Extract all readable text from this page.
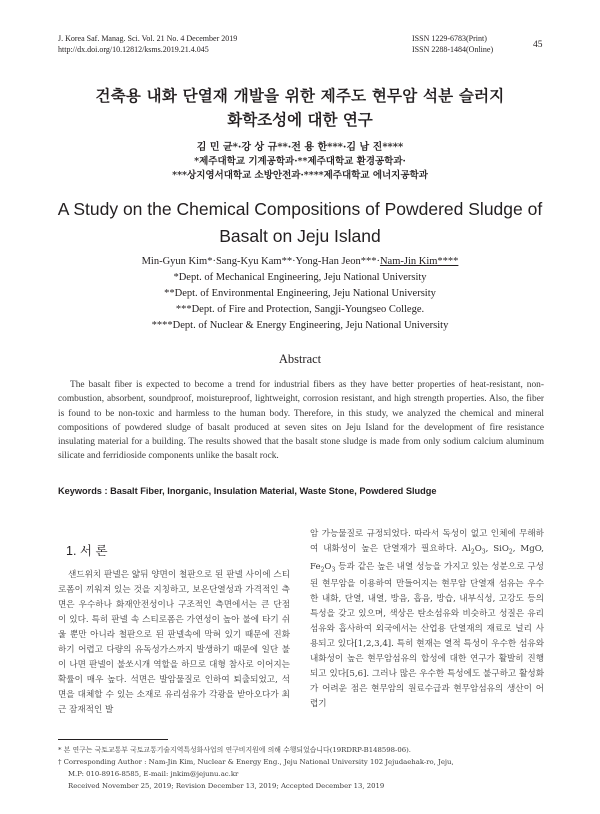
J. Korea Saf. Manag. Sci. Vol. 21 No. 4 December 2019
http://dx.doi.org/10.12812/ksms.2019.21.4.045
ISSN 1229-6783(Print)
ISSN 2288-1484(Online)	45
건축용 내화 단열재 개발을 위한 제주도 현무암 석분 슬러지
화학조성에 대한 연구
김 민 균*·강 상 규**·전 용 한***·김 남 진****
*제주대학교 기계공학과·**제주대학교 환경공학과·
***상지영서대학교 소방안전과·****제주대학교 에너지공학과
A Study on the Chemical Compositions of Powdered Sludge of
Basalt on Jeju Island
Min-Gyun Kim*·Sang-Kyu Kam**·Yong-Han Jeon***·Nam-Jin Kim****
*Dept. of Mechanical Engineering, Jeju National University
**Dept. of Environmental Engineering, Jeju National University
***Dept. of Fire and Protection, Sangji-Youngseo College.
****Dept. of Nuclear & Energy Engineering, Jeju National University
Abstract
The basalt fiber is expected to become a trend for industrial fibers as they have better properties of heat-resistant, non-combustion, absorbent, soundproof, moistureproof, lightweight, corrosion resistant, and high strength properties. Also, the fiber is found to be non-toxic and harmless to the human body. Therefore, in this study, we analyzed the chemical and mineral compositions of powdered sludge of basalt produced at seven sites on Jeju Island for the development of fire resistance insulating material for a building. The results showed that the basalt stone sludge is made from only sodium calcium aluminum silicate and ferridioside components unlike the basalt rock.
Keywords : Basalt Fiber, Inorganic, Insulation Material, Waste Stone, Powdered Sludge
1. 서 론
샌드위치 판넬은 얇뒤 양면이 철판으로 된 판넬 사이에 스티로폼이 끼워져 있는 것을 지칭하고, 보온단열성과 가격적인 측면은 우수하나 화재안전성이나 구조적인 측면에서는 큰 단점이 있다. 특히 판넬 속 스티로폼은 가연성이 높아 불에 타기 쉬울 뿐만 아니라 철판으로 된 판넬속에 막혀 있기 때문에 진화하기 어렵고 다량의 유독성가스까지 발생하기 때문에 일단 불이 나면 판넬이 불쏘시개 역할을 하므로 대형 참사로 이어지는 확률이 매우 높다. 석면은 발암물질로 인하여 퇴출되었고, 석면을 대체할 수 있는 소재로 유리섬유가 각광을 받아오다가 최근 잠재적인 발
암 가능물질로 규정되었다. 따라서 독성이 없고 인체에 무해하여 내화성이 높은 단열재가 필요하다. $Al_2O_3$, SiO$_2$, MgO, $Fe_2O_3$ 등과 같은 높은 내열 성능을 가지고 있는 성분으로 구성된 현무암을 이용하여 만들어지는 현무암 단열재 섬유는 우수한 내화, 단열, 내열, 방음, 흡음, 방습, 내부식성, 고강도 등의 특성을 갖고 있으며, 색상은 탄소섬유와 비슷하고 성질은 유리섬유와 흡사하여 외국에서는 산업용 단열재의 재료로 널리 사용되고 있다[1,2,3,4]. 특히 현재는 열적 특성이 우수한 섬유와 내화성이 높은 현무암섬유의 합성에 대한 연구가 활발히 진행되고 있다[5,6]. 그러나 많은 우수한 특성에도 불구하고 활성화가 어려운 점은 현무암의 원료수급과 현무암섬유의 생산이 어렵기
* 본 연구는 국토교통부 국토교통기술지역특성화사업의 연구비지원에 의해 수행되었습니다(19RDRP-B148598-06).
† Corresponding Author : Nam-Jin Kim, Nuclear & Energy Eng., Jeju National University 102 Jejudaehak-ro, Jeju,
M.P: 010-8916-8585, E-mail: jnkim@jejunu.ac.kr
Received November 25, 2019; Revision December 13, 2019; Accepted December 13, 2019
